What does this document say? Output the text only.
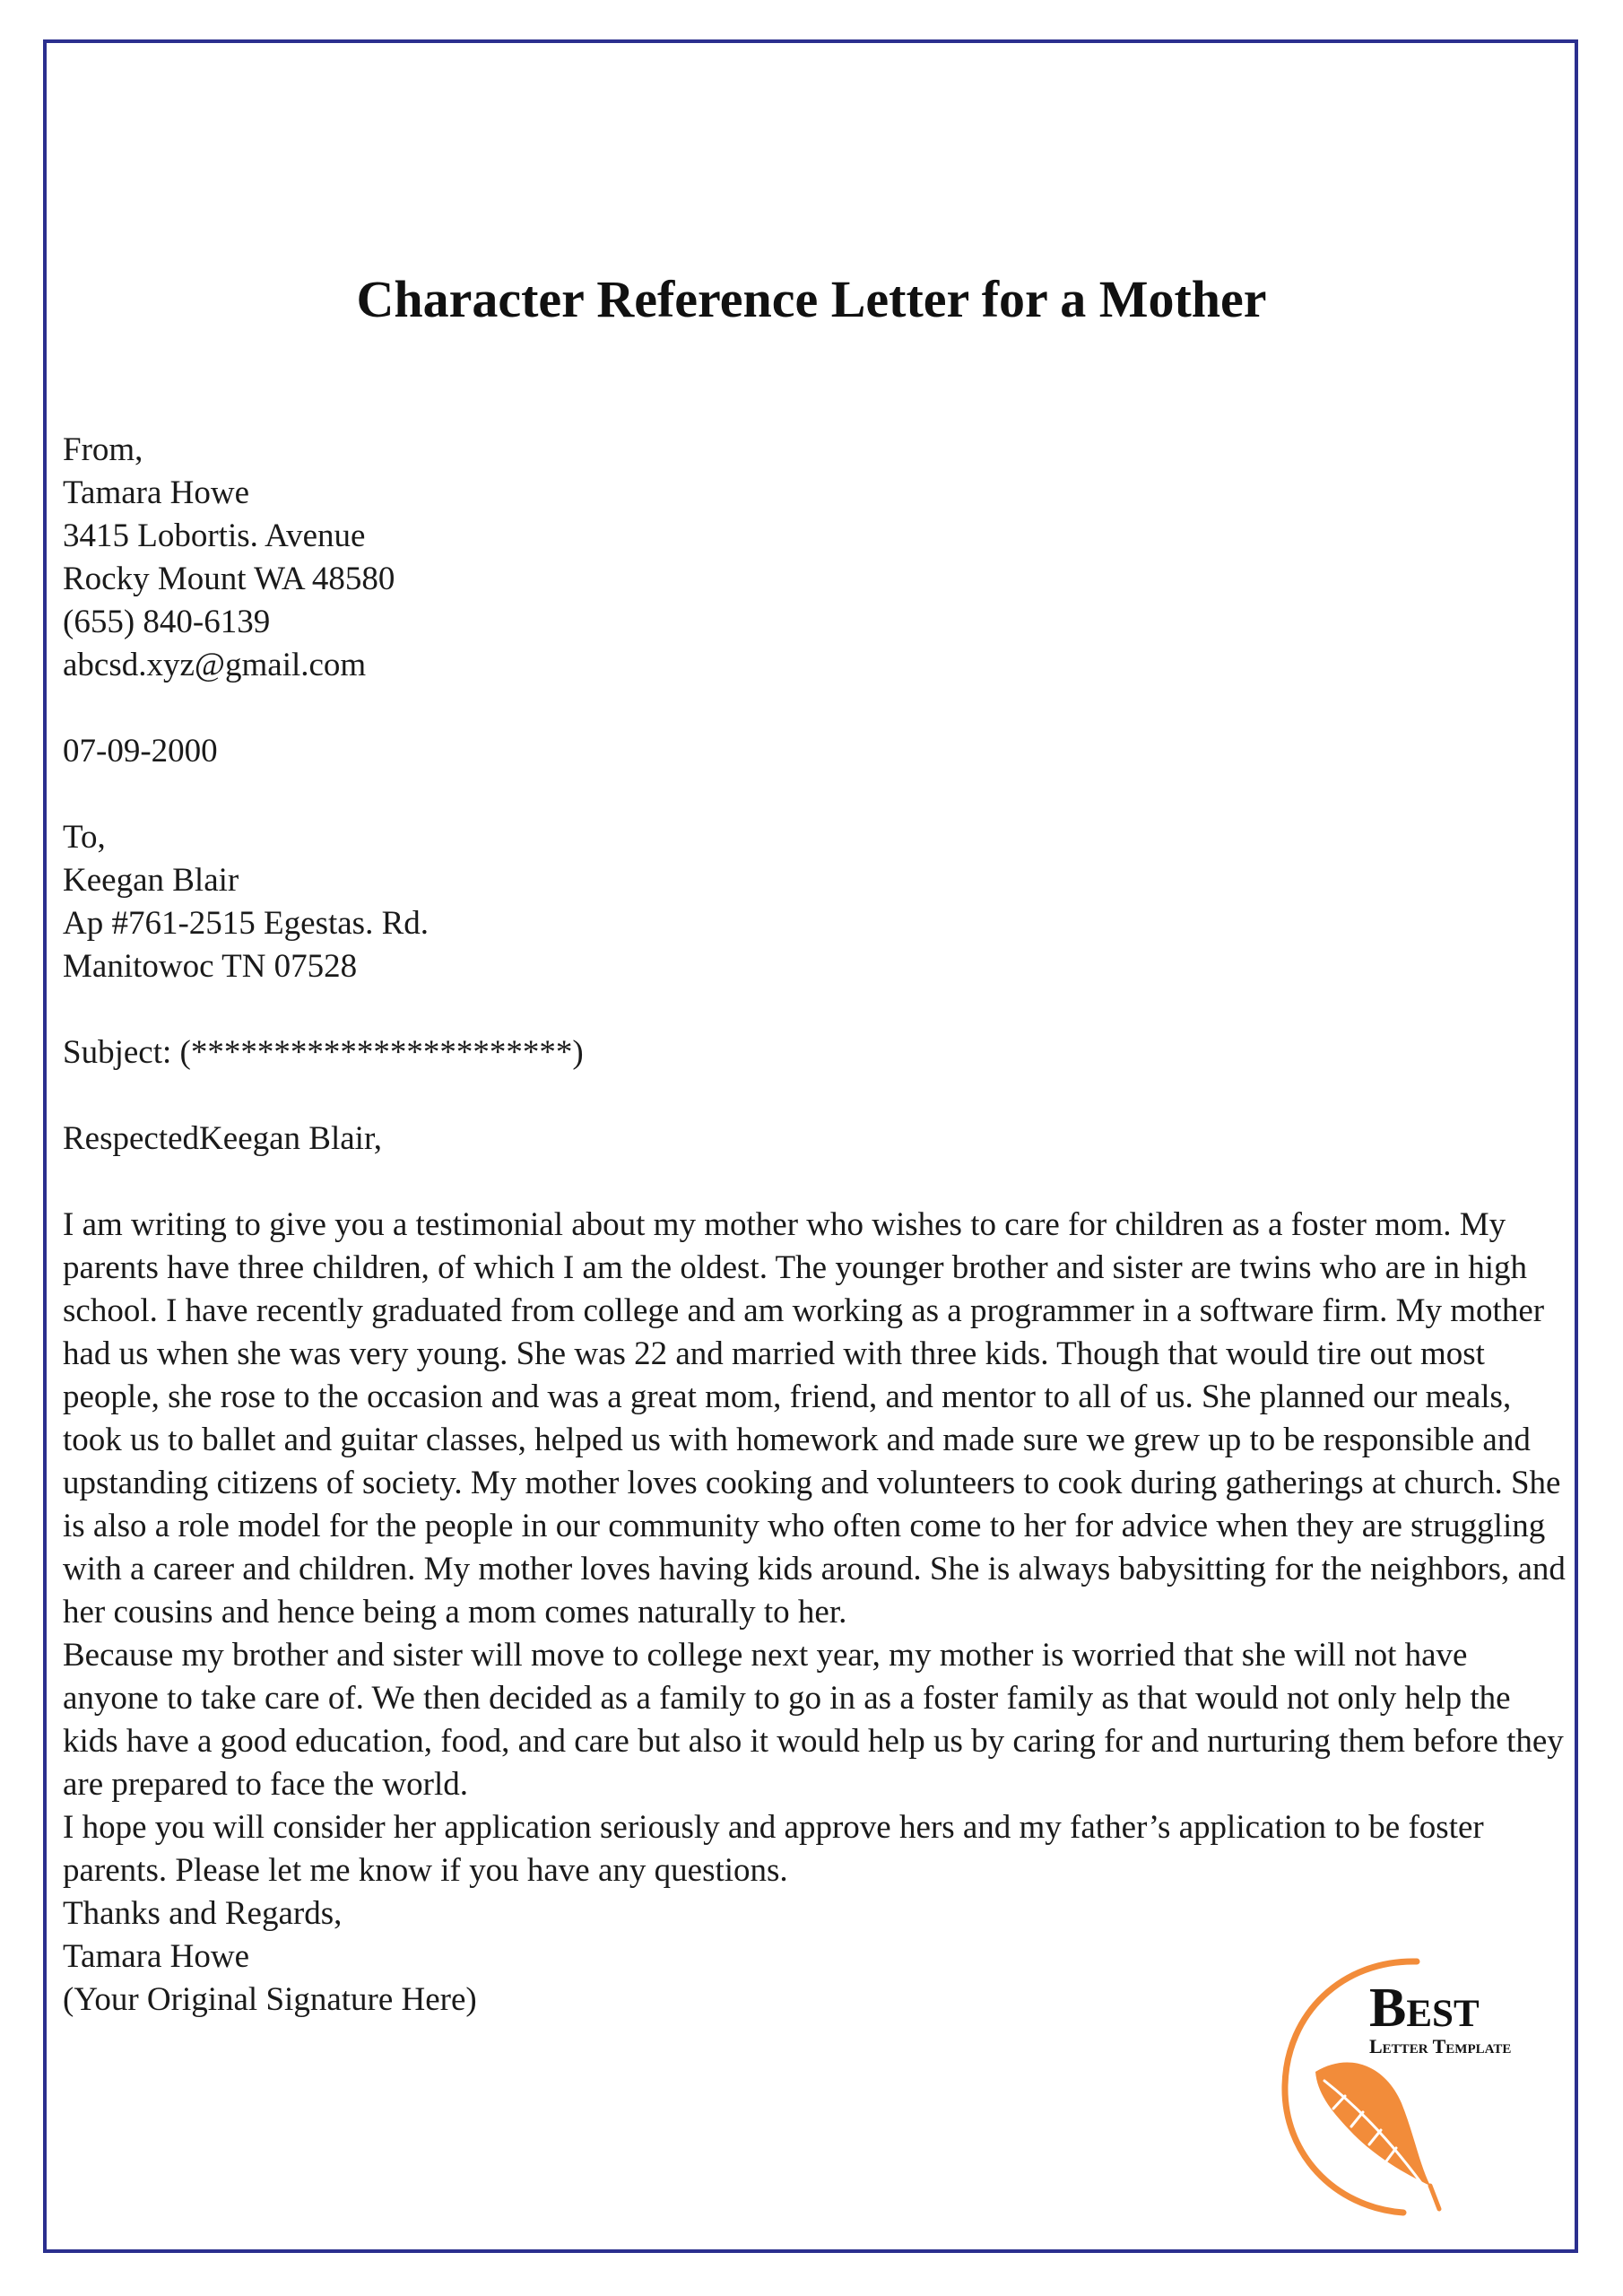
Character Reference Letter for a Mother

From,

Tamara Howe

3415 Lobortis. Avenue

Rocky Mount WA 48580

(655) 840-6139

abcsd.xyz@gmail.com

07-09-2000

To,

Keegan Blair

Ap #761-2515 Egestas. Rd.

Manitowoc TN 07528

Subject: (***********************)

RespectedKeegan Blair,

I am writing to give you a testimonial about my mother who wishes to care for children as a foster mom. My parents have three children, of which I am the oldest. The younger brother and sister are twins who are in high school. I have recently graduated from college and am working as a programmer in a software firm. My mother had us when she was very young. She was 22 and married with three kids. Though that would tire out most people, she rose to the occasion and was a great mom, friend, and mentor to all of us. She planned our meals, took us to ballet and guitar classes, helped us with homework and made sure we grew up to be responsible and upstanding citizens of society. My mother loves cooking and volunteers to cook during gatherings at church. She is also a role model for the people in our community who often come to her for advice when they are struggling with a career and children. My mother loves having kids around. She is always babysitting for the neighbors, and her cousins and hence being a mom comes naturally to her.

Because my brother and sister will move to college next year, my mother is worried that she will not have anyone to take care of. We then decided as a family to go in as a foster family as that would not only help the kids have a good education, food, and care but also it would help us by caring for and nurturing them before they are prepared to face the world.

I hope you will consider her application seriously and approve hers and my father’s application to be foster parents. Please let me know if you have any questions.

Thanks and Regards,

Tamara Howe

(Your Original Signature Here)	Best
Letter Template
